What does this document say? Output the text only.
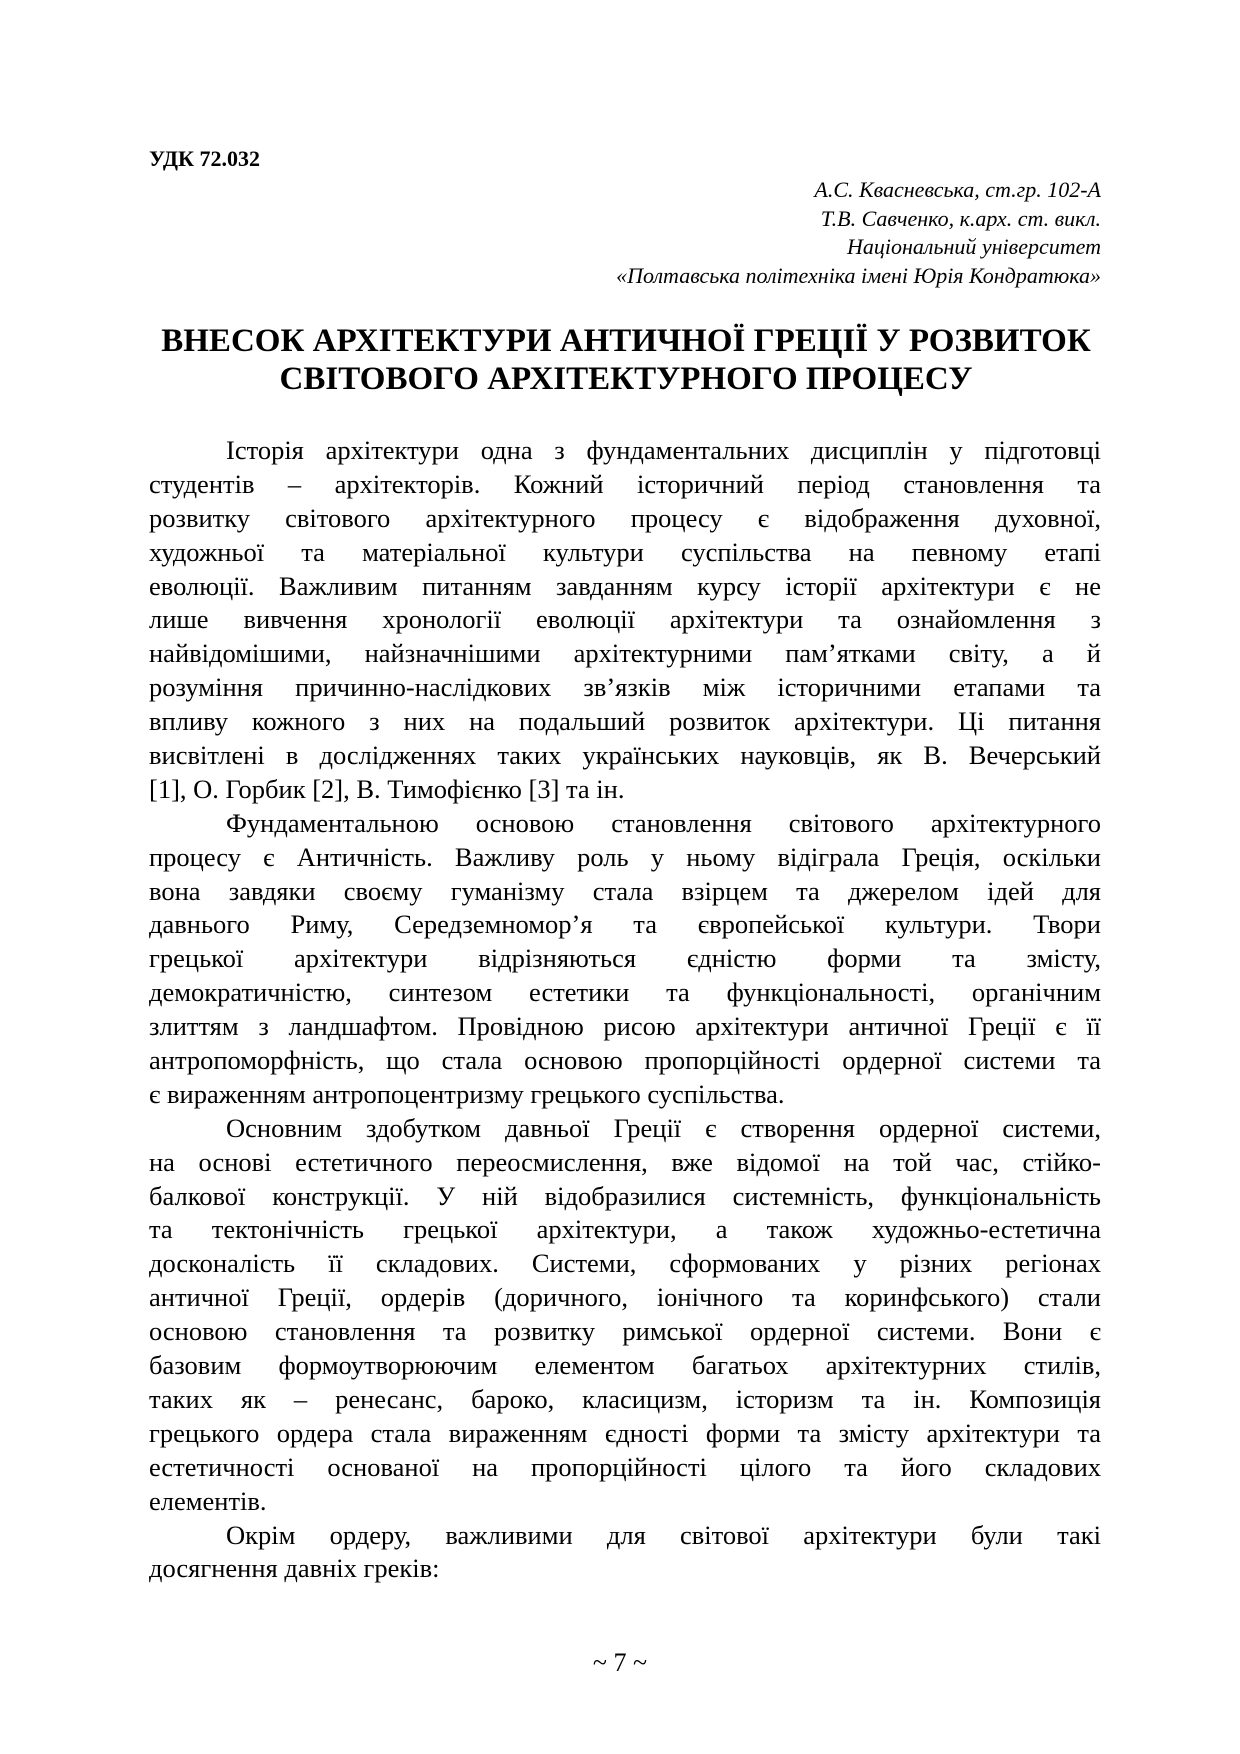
УДК 72.032
А.С. Квасневська, ст.гр. 102-А
Т.В. Савченко, к.арх. ст. викл.
Національний університет
«Полтавська політехніка імені Юрія Кондратюка»
ВНЕСОК АРХІТЕКТУРИ АНТИЧНОЇ ГРЕЦІЇ У РОЗВИТОК
СВІТОВОГО АРХІТЕКТУРНОГО ПРОЦЕСУ
Історія архітектури одна з фундаментальних дисциплін у підготовці
студентів – архітекторів. Кожний історичний період становлення та
розвитку світового архітектурного процесу є відображення духовної,
художньої та матеріальної культури суспільства на певному етапі
еволюції. Важливим питанням завданням курсу історії архітектури є не
лише вивчення хронології еволюції архітектури та ознайомлення з
найвідомішими, найзначнішими архітектурними пам’ятками світу, а й
розуміння причинно-наслідкових зв’язків між історичними етапами та
впливу кожного з них на подальший розвиток архітектури. Ці питання
висвітлені в дослідженнях таких українських науковців, як В. Вечерський
[1], О. Горбик [2], В. Тимофієнко [3] та ін.
Фундаментальною основою становлення світового архітектурного
процесу є Античність. Важливу роль у ньому відіграла Греція, оскільки
вона завдяки своєму гуманізму стала взірцем та джерелом ідей для
давнього Риму, Середземномор’я та європейської культури. Твори
грецької архітектури відрізняються єдністю форми та змісту,
демократичністю, синтезом естетики та функціональності, органічним
злиттям з ландшафтом. Провідною рисою архітектури античної Греції є її
антропоморфність, що стала основою пропорційності ордерної системи та
є вираженням антропоцентризму грецького суспільства.
Основним здобутком давньої Греції є створення ордерної системи,
на основі естетичного переосмислення, вже відомої на той час, стійко-
балкової конструкції. У ній відобразилися системність, функціональність
та тектонічність грецької архітектури, а також художньо-естетична
досконалість її складових. Системи, сформованих у різних регіонах
античної Греції, ордерів (доричного, іонічного та коринфського) стали
основою становлення та розвитку римської ордерної системи. Вони є
базовим формоутворюючим елементом багатьох архітектурних стилів,
таких як – ренесанс, бароко, класицизм, історизм та ін. Композиція
грецького ордера стала вираженням єдності форми та змісту архітектури та
естетичності основаної на пропорційності цілого та його складових
елементів.
Окрім ордеру, важливими для світової архітектури були такі
досягнення давніх греків:
~ 7 ~
